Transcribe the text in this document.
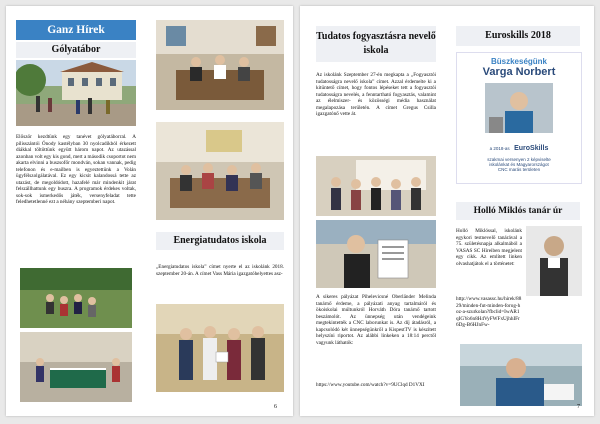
Ganz Hírek
Gólyatábor

Először kezdtünk egy tanévet gólyatáborral. A pilisszántói Ónody kastélyban 30 nyolcadikból érkezett diákkal töltöttünk együtt három napot. Az utazással azonban volt egy kis gond, mert a második csoportot nem akarta elvinni a buszsofőr mondván, sokan vannak, pedig telefonon és e-mailben is egyeztettünk a Volán ügyfélszolgálatával. Ez egy kicsit kalandossá tette az utazást, de megoldódott, hazafelé már mindenkit járat felszállhattunk egy buszra. A programok érdekes voltak, sok-sok ismerkedős játék, versenyfeladat tette feledhetetlenné ezt a néhány szeptemberi napot.

Energiatudatos iskola

„Energiatudatos iskola” címet nyerte el az iskolánk 2018. szeptember 20-án. A címet Vass Mária igazgatóhelyettes asz-

6
Tudatos fogyasztásra nevelő iskola

Az iskolánk Szeptember 27-én megkapta a „Fogyasztói tudatosságra nevelő iskola” címet. Azzal érdemelte ki a kitüntető címet, hogy fontos lépéseket tett a fogyasztói tudatosságra nevelés, a fenntartható fogyasztás, valamint az élelmiszer- és közösségi média használat megalapozása területén. A címet Gregus Csilla igazgatónő vette át.

A sikeres pályázat Pihelevicsné Oberländer Melinda tanárnő érdeme, a pályázati anyag tartalmáról és ökoiskolai múltunkról Horváth Dóra tanárnő tartott beszámolót. Az ünnepség után vendégeink megtekintették a CNC laborunkat is. Az díj átadásról, a kapcsolódó két ünnepségünkről a KispestTV is készített helyszíni riportot. Az alábbi linkeken a 18:14 perctől vagyunk láthatók:

https://www.youtube.com/watch?v=9UClqd D1VXI
Euroskills 2018
Büszkeségünk
Varga Norbert
a 2018-as EuroSkills
szakmai versenyen 2 képviselte
iskolánkat és Magyarországot
CNC marás területen
Holló Miklós tanár úr

Holló Miklóssal, iskolánk egykori testnevelő tanárával a 75. születésnapja alkalmából a VASAS SC Híreiben megjelent egy cikk. Az említett linken olvashatjátok el a történetet:

http://www.vasassc.hu/hirek/8829/minden-fut-minden-forog-hoz-a-szurkolan?fbclid=IwAR1qIGYo6n8H4VyFWFxUjhhIFr6Dg-B6HJnFw-
7
